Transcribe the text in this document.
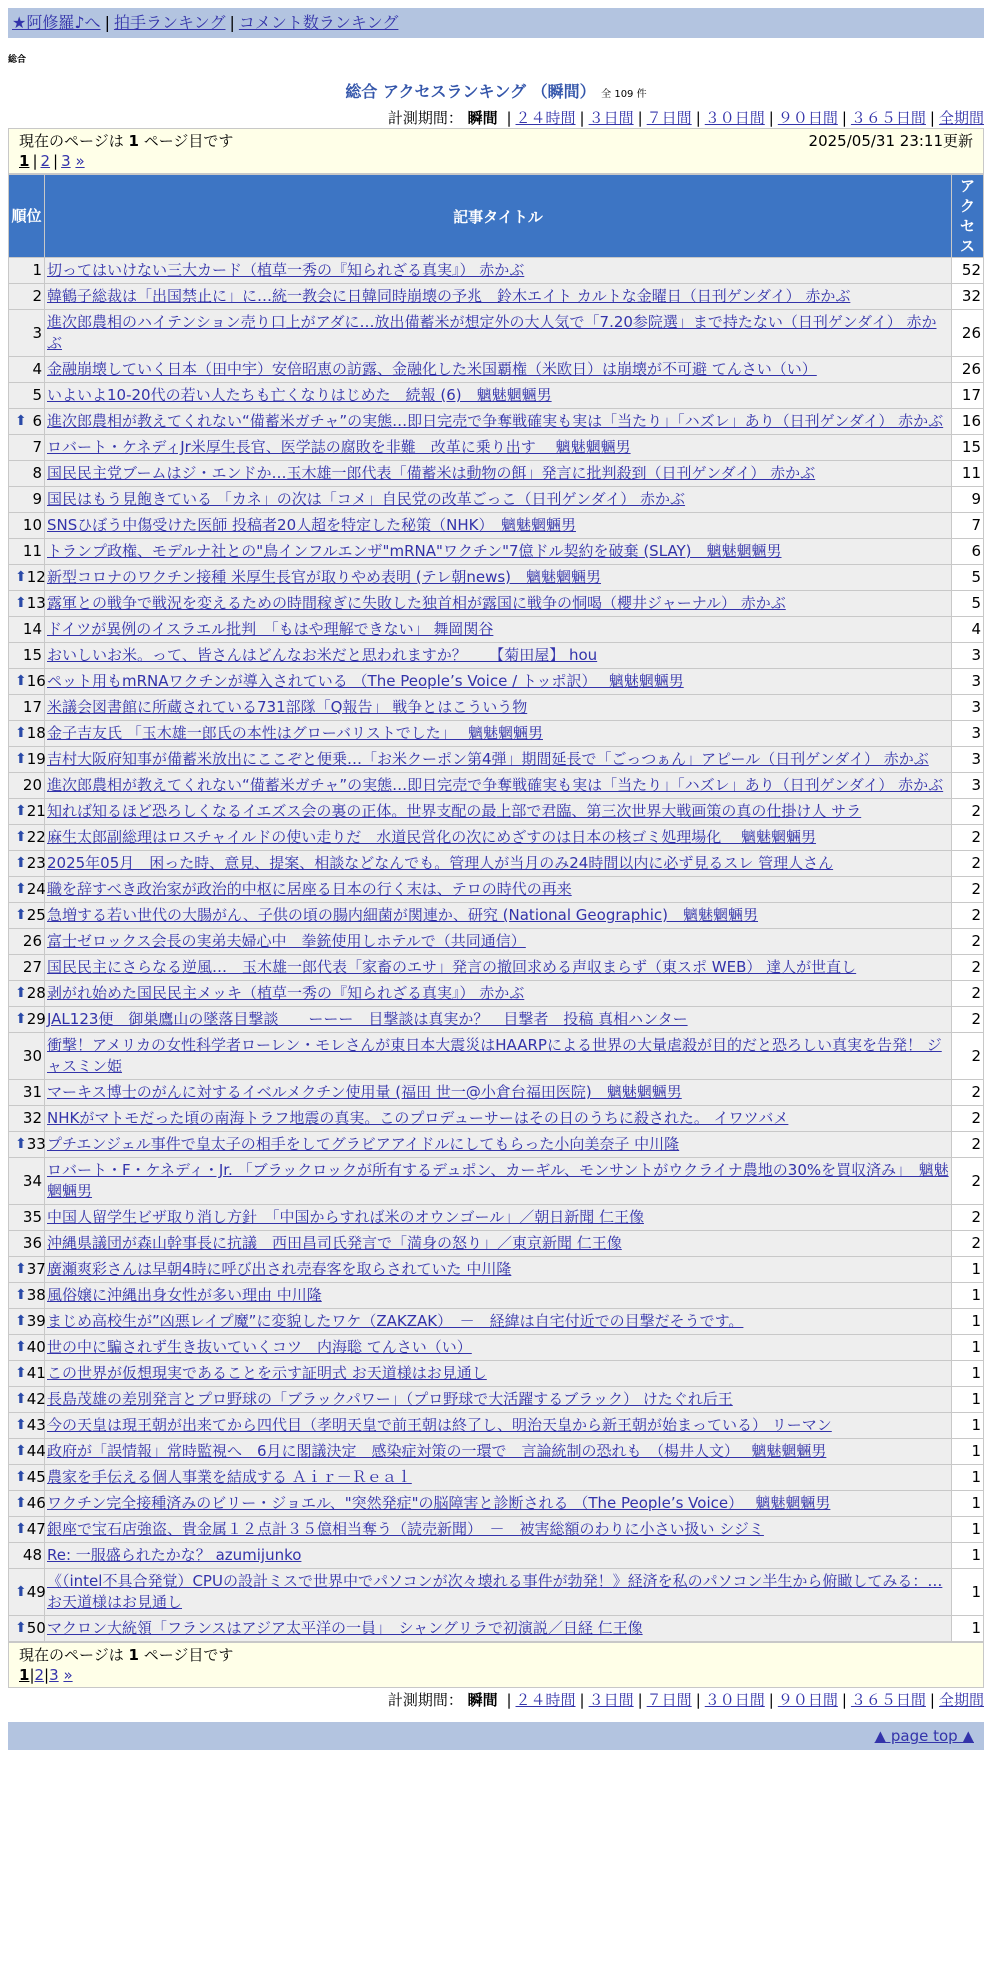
★阿修羅♪へ | 拍手ランキング | コメント数ランキング
総合
総合 アクセスランキング （瞬間） 全 109 件
計測期間： 瞬間 | ２４時間 | ３日間 | ７日間 | ３０日間 | ９０日間 | ３６５日間 | 全期間
現在のページは 1 ページ目です	2025/05/31 23:11更新
1 | 2 | 3 »
順位	記事タイトル	アクセス
1	切ってはいけない三大カード（植草一秀の『知られざる真実』） 赤かぶ	52
2	韓鶴子総裁は「出国禁止に」に…統一教会に日韓同時崩壊の予兆　鈴木エイト カルトな金曜日（日刊ゲンダイ） 赤かぶ	32
3	進次郎農相のハイテンション売り口上がアダに…放出備蓄米が想定外の大人気で「7.20参院選」まで持たない（日刊ゲンダイ） 赤かぶ	26
4	金融崩壊していく日本（田中宇）安倍昭恵の訪露、金融化した米国覇権（米欧日）は崩壊が不可避 てんさい（い）	26
5	いよいよ10-20代の若い人たちも亡くなりはじめた　続報 (6)　魑魅魍魎男	17

⬆ 6	進次郎農相が教えてくれない“備蓄米ガチャ”の実態…即日完売で争奪戦確実も実は「当たり」「ハズレ」あり（日刊ゲンダイ） 赤かぶ	16
7	ロバート・ケネディJr米厚生長官、医学誌の腐敗を非難　改革に乗り出す　 魑魅魍魎男	15
8	国民民主党ブームはジ・エンドか…玉木雄一郎代表「備蓄米は動物の餌」発言に批判殺到（日刊ゲンダイ） 赤かぶ	11
9	国民はもう見飽きている 「カネ」の次は「コメ」自民党の改革ごっこ（日刊ゲンダイ） 赤かぶ	9
10	SNSひぼう中傷受けた医師 投稿者20人超を特定した秘策（NHK）　魑魅魍魎男	7
11	トランプ政権、モデルナ社との"鳥インフルエンザ"mRNA"ワクチン"7億ドル契約を破棄 (SLAY)　魑魅魍魎男	6

⬆ 12	新型コロナのワクチン接種 米厚生長官が取りやめ表明 (テレ朝news)　魑魅魍魎男	5

⬆ 13	露軍との戦争で戦況を変えるための時間稼ぎに失敗した独首相が露国に戦争の恫喝（櫻井ジャーナル） 赤かぶ	5
14	ドイツが異例のイスラエル批判　「もはや理解できない」 舞岡関谷	4
15	おいしいお米。って、皆さんはどんなお米だと思われますか？　　【菊田屋】 hou	3

⬆ 16	ペット用もmRNAワクチンが導入されている （The People’s Voice / トッポ訳）　 魑魅魍魎男	3
17	米議会図書館に所蔵されている731部隊「Q報告」 戦争とはこういう物	3

⬆ 18	金子吉友氏 「玉木雄一郎氏の本性はグローバリストでした」　 魑魅魍魎男	3

⬆ 19	吉村大阪府知事が備蓄米放出にここぞと便乗…「お米クーポン第4弾」期間延長で「ごっつぁん」アピール（日刊ゲンダイ） 赤かぶ	3
20	進次郎農相が教えてくれない“備蓄米ガチャ”の実態…即日完売で争奪戦確実も実は「当たり」「ハズレ」あり（日刊ゲンダイ） 赤かぶ	3

⬆ 21	知れば知るほど恐ろしくなるイエズス会の裏の正体。世界支配の最上部で君臨、第三次世界大戦画策の真の仕掛け人 サラ	2

⬆ 22	麻生太郎副総理はロスチャイルドの使い走りだ　水道民営化の次にめざすのは日本の核ゴミ処理場化　 魑魅魍魎男	2

⬆ 23	2025年05月　困った時、意見、提案、相談などなんでも。管理人が当月のみ24時間以内に必ず見るスレ 管理人さん	2

⬆ 24	職を辞すべき政治家が政治的中枢に居座る日本の行く末は、テロの時代の再来	2

⬆ 25	急増する若い世代の大腸がん、子供の頃の腸内細菌が関連か、研究 (National Geographic)　魑魅魍魎男	2
26	富士ゼロックス会長の実弟夫婦心中　拳銃使用しホテルで（共同通信）	2
27	国民民主にさらなる逆風…　玉木雄一郎代表「家畜のエサ」発言の撤回求める声収まらず（東スポ WEB） 達人が世直し	2

⬆ 28	剥がれ始めた国民民主メッキ（植草一秀の『知られざる真実』） 赤かぶ	2

⬆ 29	JAL123便　御巣鷹山の墜落目撃談　　ーーー　目撃談は真実か？　目撃者　投稿 真相ハンター	2
30	衝撃！アメリカの女性科学者ローレン・モレさんが東日本大震災はHAARPによる世界の大量虐殺が目的だと恐ろしい真実を告発！ ジャスミン姫	2
31	マーキス博士のがんに対するイベルメクチン使用量 (福田 世一@小倉台福田医院)　魑魅魍魎男	2
32	NHKがマトモだった頃の南海トラフ地震の真実。このプロデューサーはその日のうちに殺された。 イワツバメ	2

⬆ 33	プチエンジェル事件で皇太子の相手をしてグラビアアイドルにしてもらった小向美奈子 中川隆	2
34	ロバート・F・ケネディ・Jr. 「ブラックロックが所有するデュポン、カーギル、モンサントがウクライナ農地の30%を買収済み」　魑魅魍魎男	2
35	中国人留学生ビザ取り消し方針　「中国からすれば米のオウンゴール」／朝日新聞 仁王像	2
36	沖縄県議団が森山幹事長に抗議　西田昌司氏発言で「満身の怒り」／東京新聞 仁王像	2

⬆ 37	廣瀬爽彩さんは早朝4時に呼び出され売春客を取らされていた 中川隆	1

⬆ 38	風俗嬢に沖縄出身女性が多い理由 中川隆	1

⬆ 39	まじめ高校生が”凶悪レイプ魔”に変貌したワケ（ZAKZAK）　－　経緯は自宅付近での目撃だそうです。	1

⬆ 40	世の中に騙されず生き抜いていくコツ　内海聡 てんさい（い）	1

⬆ 41	この世界が仮想現実であることを示す証明式 お天道様はお見通し	1

⬆ 42	長島茂雄の差別発言とプロ野球の「ブラックパワー」（プロ野球で大活躍するブラック） けたぐれ后王	1

⬆ 43	今の天皇は現王朝が出来てから四代目（孝明天皇で前王朝は終了し、明治天皇から新王朝が始まっている） リーマン	1

⬆ 44	政府が「誤情報」常時監視へ　6月に閣議決定　感染症対策の一環で　言論統制の恐れも　（楊井人文）　 魑魅魍魎男	1

⬆ 45	農家を手伝える個人事業を結成する Ａｉｒ－Ｒｅａｌ	1

⬆ 46	ワクチン完全接種済みのビリー・ジョエル、"突然発症"の脳障害と診断される （The People’s Voice）　 魑魅魍魎男	1

⬆ 47	銀座で宝石店強盗、貴金属１２点計３５億相当奪う（読売新聞）　－　被害総額のわりに小さい扱い シジミ	1
48	Re: 一服盛られたかな？ azumijunko	1

⬆ 49	《（intel不具合発覚）CPUの設計ミスで世界中でパソコンが次々壊れる事件が勃発！》経済を私のパソコン半生から俯瞰してみる：… お天道様はお見通し	1

⬆ 50	マクロン大統領「フランスはアジア太平洋の一員」　シャングリラで初演説／日経 仁王像	1
現在のページは 1 ページ目です
1|2|3 »
計測期間： 瞬間 | ２４時間 | ３日間 | ７日間 | ３０日間 | ９０日間 | ３６５日間 | 全期間
▲ page top ▲
